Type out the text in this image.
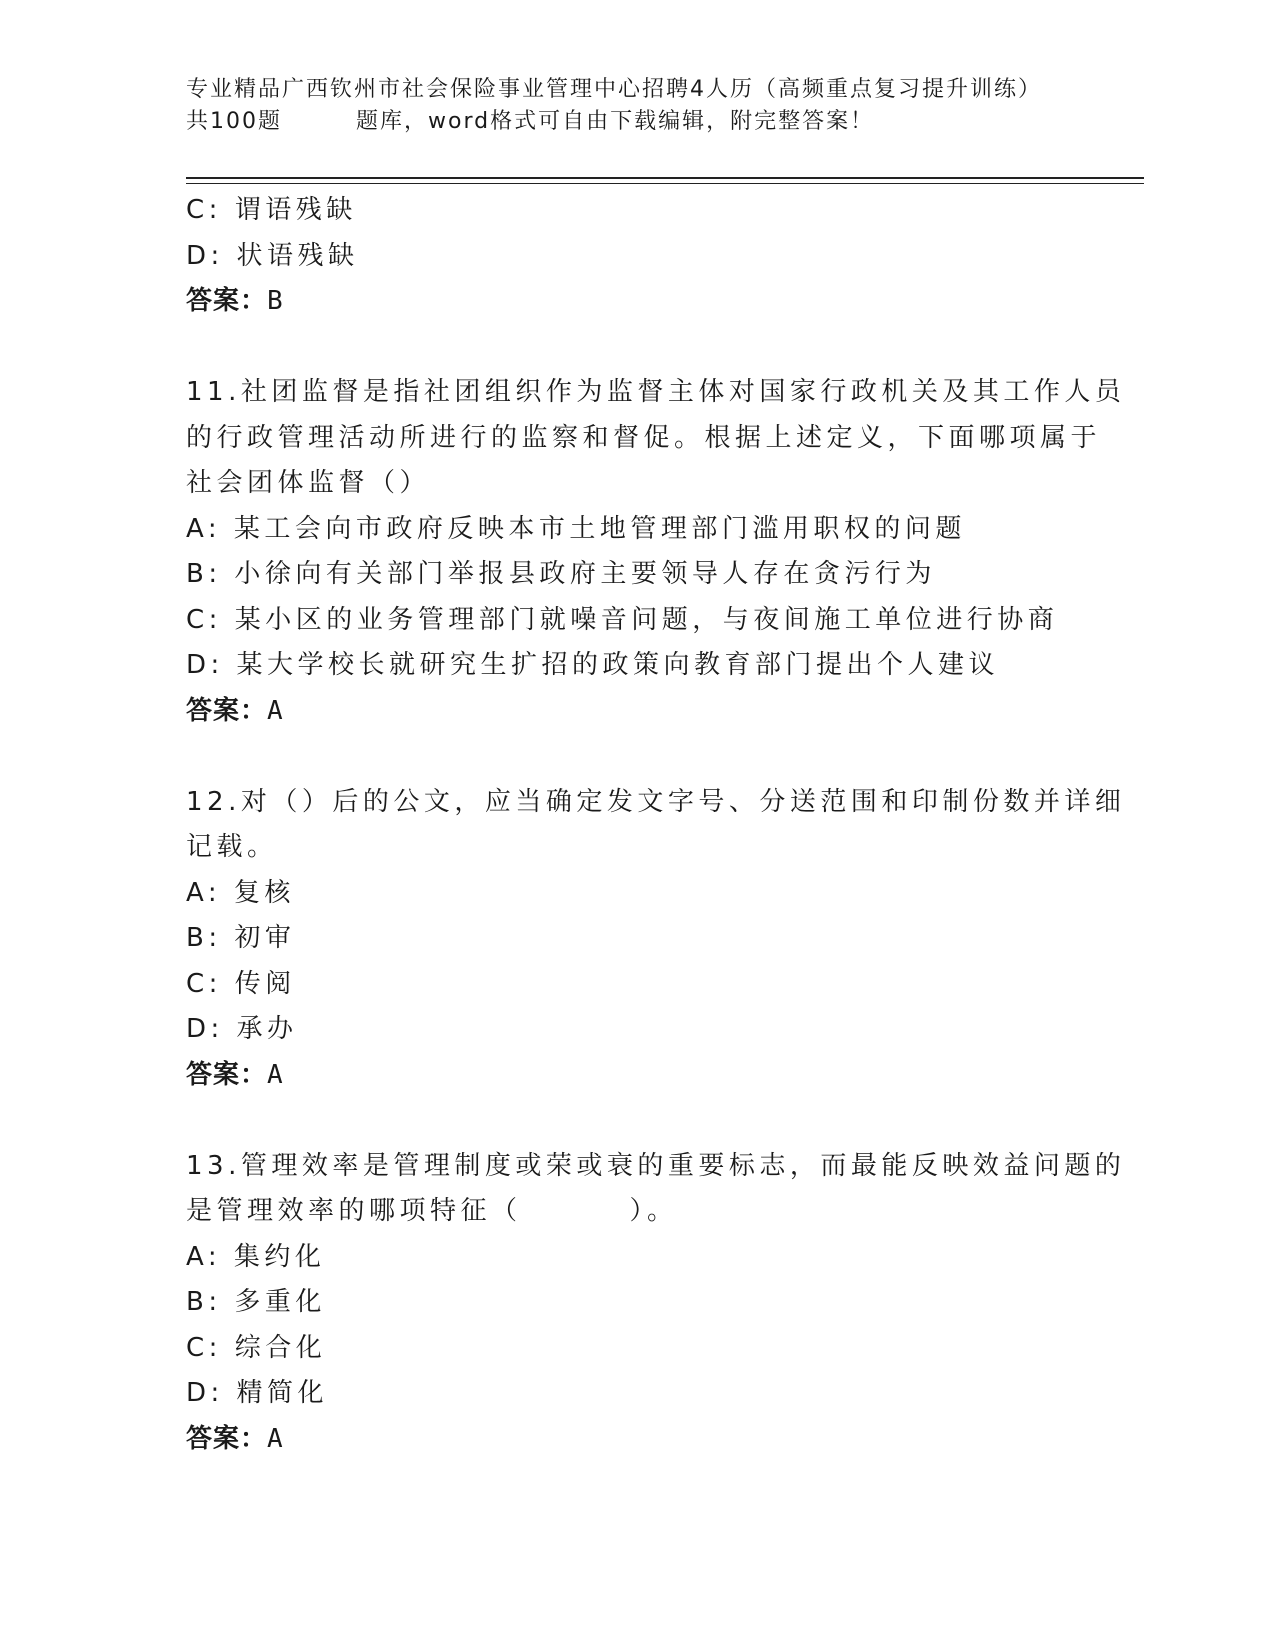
专业精品广西钦州市社会保险事业管理中心招聘4人历（高频重点复习提升训练）
共100题	题库，word格式可自由下载编辑，附完整答案！
C: 谓语残缺
D: 状语残缺
答案：B
11.社团监督是指社团组织作为监督主体对国家行政机关及其工作人员
的行政管理活动所进行的监察和督促。根据上述定义，下面哪项属于
社会团体监督（）
A: 某工会向市政府反映本市土地管理部门滥用职权的问题
B: 小徐向有关部门举报县政府主要领导人存在贪污行为
C: 某小区的业务管理部门就噪音问题，与夜间施工单位进行协商
D: 某大学校长就研究生扩招的政策向教育部门提出个人建议
答案：A
12.对（）后的公文，应当确定发文字号、分送范围和印制份数并详细
记载。
A: 复核
B: 初审
C: 传阅
D: 承办
答案：A
13.管理效率是管理制度或荣或衰的重要标志，而最能反映效益问题的
是管理效率的哪项特征（	）。
A: 集约化
B: 多重化
C: 综合化
D: 精简化
答案：A
